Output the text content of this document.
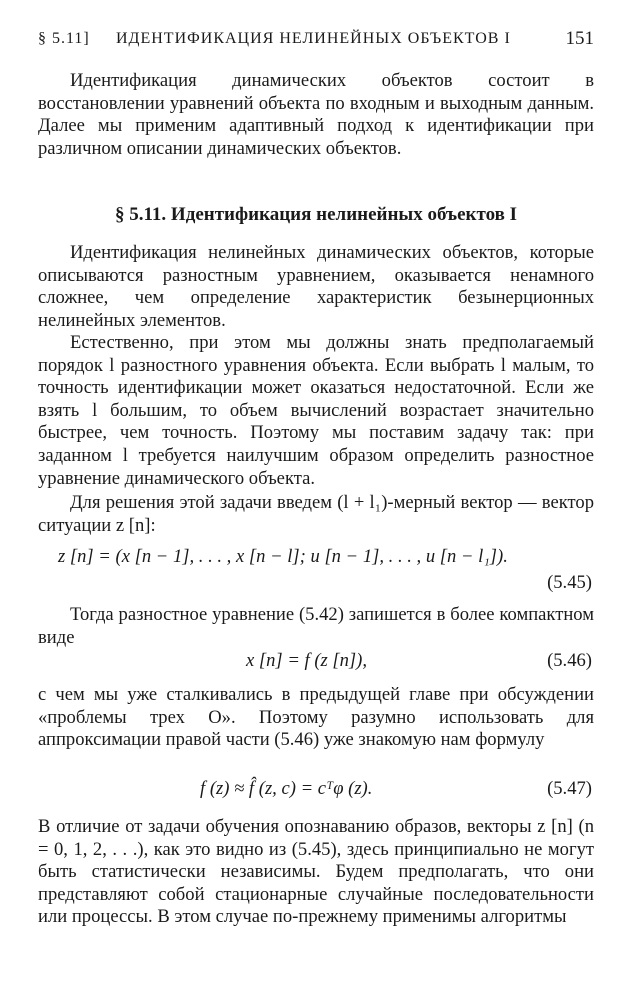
§ 5.11] ИДЕНТИФИКАЦИЯ НЕЛИНЕЙНЫХ ОБЪЕКТОВ I	151

Идентификация динамических объектов состоит в восстановлении уравнений объекта по входным и выходным данным. Далее мы применим адаптивный подход к идентификации при различном описании динамических объектов.

§ 5.11. Идентификация нелинейных объектов I

Идентификация нелинейных динамических объектов, которые описываются разностным уравнением, оказывается ненамного сложнее, чем определение характеристик безынерционных нелинейных элементов.

Естественно, при этом мы должны знать предполагаемый порядок l разностного уравнения объекта. Если выбрать l малым, то точность идентификации может оказаться недостаточной. Если же взять l большим, то объем вычислений возрастает значительно быстрее, чем точность. Поэтому мы поставим задачу так: при заданном l требуется наилучшим образом определить разностное уравнение динамического объекта.

Для решения этой задачи введем (l + l₁)-мерный вектор — вектор ситуации z [n]:

z [n] = (x [n − 1], . . . , x [n − l]; u [n − 1], . . . , u [n − l₁]).
(5.45)

Тогда разностное уравнение (5.42) запишется в более компактном виде

x [n] = f (z [n]),	(5.46)

с чем мы уже сталкивались в предыдущей главе при обсуждении «проблемы трех О». Поэтому разумно использовать для аппроксимации правой части (5.46) уже знакомую нам формулу

f (z) ≈ f̂ (z, c) = cᵀφ (z).	(5.47)

В отличие от задачи обучения опознаванию образов, векторы z [n] (n = 0, 1, 2, . . .), как это видно из (5.45), здесь принципиально не могут быть статистически независимы. Будем предполагать, что они представляют собой стационарные случайные последовательности или процессы. В этом случае по-прежнему применимы алгоритмы
